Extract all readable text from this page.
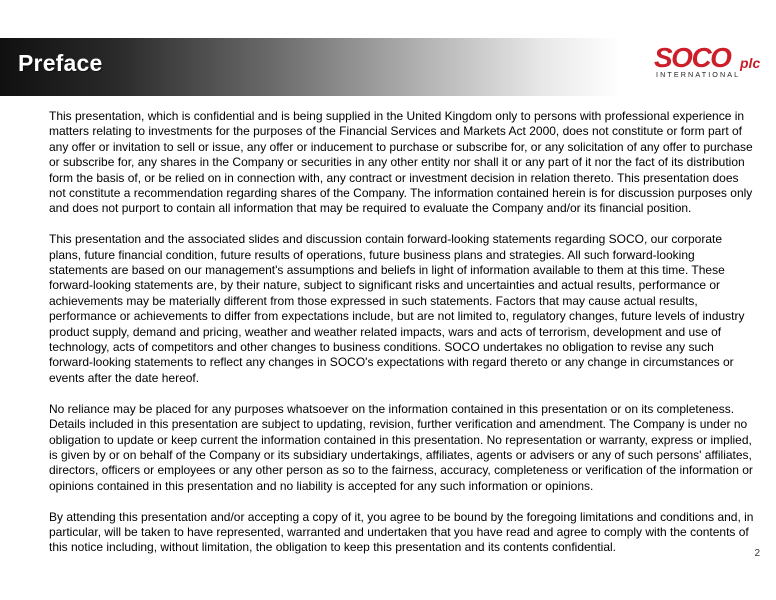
Preface	SOCO plc
INTERNATIONAL

This presentation, which is confidential and is being supplied in the United Kingdom only to persons with professional experience in matters relating to investments for the purposes of the Financial Services and Markets Act 2000, does not constitute or form part of any offer or invitation to sell or issue, any offer or inducement to purchase or subscribe for, or any solicitation of any offer to purchase or subscribe for, any shares in the Company or securities in any other entity nor shall it or any part of it nor the fact of its distribution form the basis of, or be relied on in connection with, any contract or investment decision in relation thereto. This presentation does not constitute a recommendation regarding shares of the Company. The information contained herein is for discussion purposes only and does not purport to contain all information that may be required to evaluate the Company and/or its financial position.

This presentation and the associated slides and discussion contain forward-looking statements regarding SOCO, our corporate plans, future financial condition, future results of operations, future business plans and strategies. All such forward-looking statements are based on our management's assumptions and beliefs in light of information available to them at this time. These forward-looking statements are, by their nature, subject to significant risks and uncertainties and actual results, performance or achievements may be materially different from those expressed in such statements. Factors that may cause actual results, performance or achievements to differ from expectations include, but are not limited to, regulatory changes, future levels of industry product supply, demand and pricing, weather and weather related impacts, wars and acts of terrorism, development and use of technology, acts of competitors and other changes to business conditions. SOCO undertakes no obligation to revise any such forward-looking statements to reflect any changes in SOCO's expectations with regard thereto or any change in circumstances or events after the date hereof.

No reliance may be placed for any purposes whatsoever on the information contained in this presentation or on its completeness. Details included in this presentation are subject to updating, revision, further verification and amendment. The Company is under no obligation to update or keep current the information contained in this presentation. No representation or warranty, express or implied, is given by or on behalf of the Company or its subsidiary undertakings, affiliates, agents or advisers or any of such persons' affiliates, directors, officers or employees or any other person as so to the fairness, accuracy, completeness or verification of the information or opinions contained in this presentation and no liability is accepted for any such information or opinions.

By attending this presentation and/or accepting a copy of it, you agree to be bound by the foregoing limitations and conditions and, in particular, will be taken to have represented, warranted and undertaken that you have read and agree to comply with the contents of this notice including, without limitation, the obligation to keep this presentation and its contents confidential.	2
